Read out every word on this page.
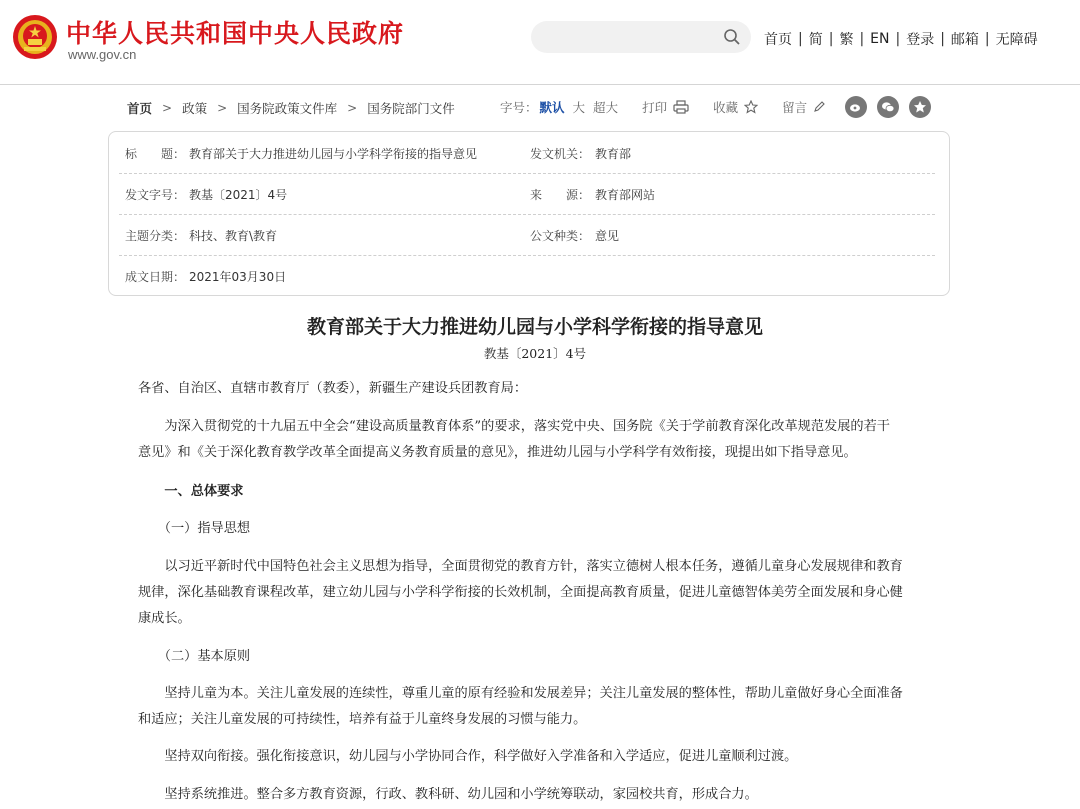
中华人民共和国中央人民政府
www.gov.cn
首页 | 简 | 繁 | EN | 登录 | 邮箱 | 无障碍
首页 > 政策 > 国务院政策文件库 > 国务院部门文件	字号： 默认 大 超大 打印	收藏	留言
标　　题： 教育部关于大力推进幼儿园与小学科学衔接的指导意见	发文机关： 教育部
发文字号： 教基〔2021〕4号	来　　源： 教育部网站
主题分类： 科技、教育\教育	公文种类： 意见
成文日期： 2021年03月30日
教育部关于大力推进幼儿园与小学科学衔接的指导意见
教基〔2021〕4号
各省、自治区、直辖市教育厅（教委），新疆生产建设兵团教育局：
　　为深入贯彻党的十九届五中全会“建设高质量教育体系”的要求，落实党中央、国务院《关于学前教育深化改革规范发展的若干
意见》和《关于深化教育教学改革全面提高义务教育质量的意见》，推进幼儿园与小学科学有效衔接，现提出如下指导意见。
　　一、总体要求
　　（一）指导思想
　　以习近平新时代中国特色社会主义思想为指导，全面贯彻党的教育方针，落实立德树人根本任务，遵循儿童身心发展规律和教育
规律，深化基础教育课程改革，建立幼儿园与小学科学衔接的长效机制，全面提高教育质量，促进儿童德智体美劳全面发展和身心健
康成长。
　　（二）基本原则
　　坚持儿童为本。关注儿童发展的连续性，尊重儿童的原有经验和发展差异；关注儿童发展的整体性，帮助儿童做好身心全面准备
和适应；关注儿童发展的可持续性，培养有益于儿童终身发展的习惯与能力。
　　坚持双向衔接。强化衔接意识，幼儿园与小学协同合作，科学做好入学准备和入学适应，促进儿童顺利过渡。
　　坚持系统推进。整合多方教育资源，行政、教科研、幼儿园和小学统筹联动，家园校共育，形成合力。
